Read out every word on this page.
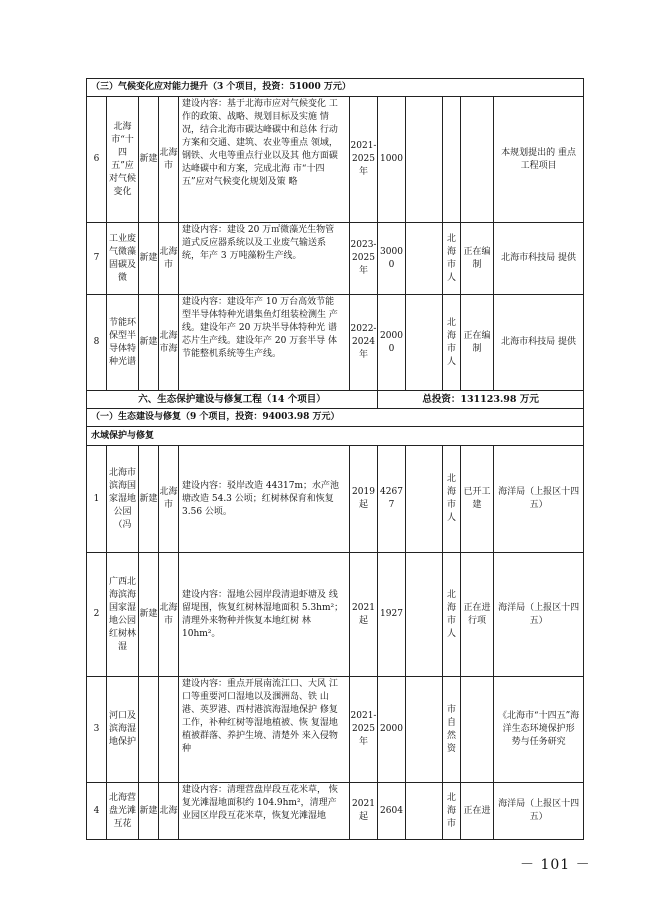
（三）气候变化应对能力提升（3 个项目，投资：51000 万元）										
6	北海市“十四五”应对气候变化	新建	北海市	建设内容：基于北海市应对气候变化 工作的政策、战略、规划目标及实施 情况，结合北海市碳达峰碳中和总体 行动方案和交通、建筑、农业等重点 领域，钢铁、火电等重点行业以及其 他方面碳达峰碳中和方案，完成北海 市“十四五”应对气候变化规划及策 略	2021-2025年	1000				本规划提出的 重点工程项目
7	工业废气微藻固碳及微	新建	北海市	建设内容：建设 20 万㎡微藻光生物管 道式反应器系统以及工业废气输送系 统，年产 3 万吨藻粉生产线。	2023-2025年	30000		北海市人	正在编制	北海市科技局 提供
8	节能环保型半导体特种光谱	新建	北海市海	建设内容：建设年产 10 万台高效节能 型半导体特种光谱集鱼灯组装检测生 产线。建设年产 20 万块半导体特种光 谱芯片生产线。建设年产 20 万套半导 体节能整机系统等生产线。	2022-2024年	20000		北海市人	正在编制	北海市科技局 提供
六、生态保护建设与修复工程（14 个项目）						总投资：131123.98 万元				
（一）生态建设与修复（9 个项目，投资：94003.98 万元）										
水域保护与修复										
1	北海市滨海国家湿地公园（冯	新建	北海市	建设内容：驳岸改造 44317m；水产池 塘改造 54.3 公顷；红树林保育和恢复 3.56 公顷。	2019起	42677		北海市人	已开工建	海洋局（上报区十四 五）
2	广西北海滨海国家湿地公园红树林湿	新建	北海市	建设内容：湿地公园岸段清退虾塘及 线留堤围，恢复红树林湿地面积 5.3hm²；清理外来物种并恢复本地红树 林 10hm²。	2021起	1927		北海市人	正在进行项	海洋局（上报区十四 五）
3	河口及滨海湿地保护			建设内容：重点开展南流江口、大风 江口等重要河口湿地以及涠洲岛、铁 山港、英罗港、西村港滨海湿地保护 修复工作，补种红树等湿地植被、恢 复湿地植被群落、养护生境、清楚外 来入侵物种	2021-2025年	2000		市自然资		《北海市“十四五”海洋生态环境保护形 势与任务研究
4	北海营盘光滩互花	新建	北海	建设内容：清理营盘岸段互花米草， 恢复光滩湿地面积约 104.9hm²，清理产 业园区岸段互花米草，恢复光滩湿地	2021起	2604		北海市	正在进	海洋局（上报区十四 五）
－ 101 －
